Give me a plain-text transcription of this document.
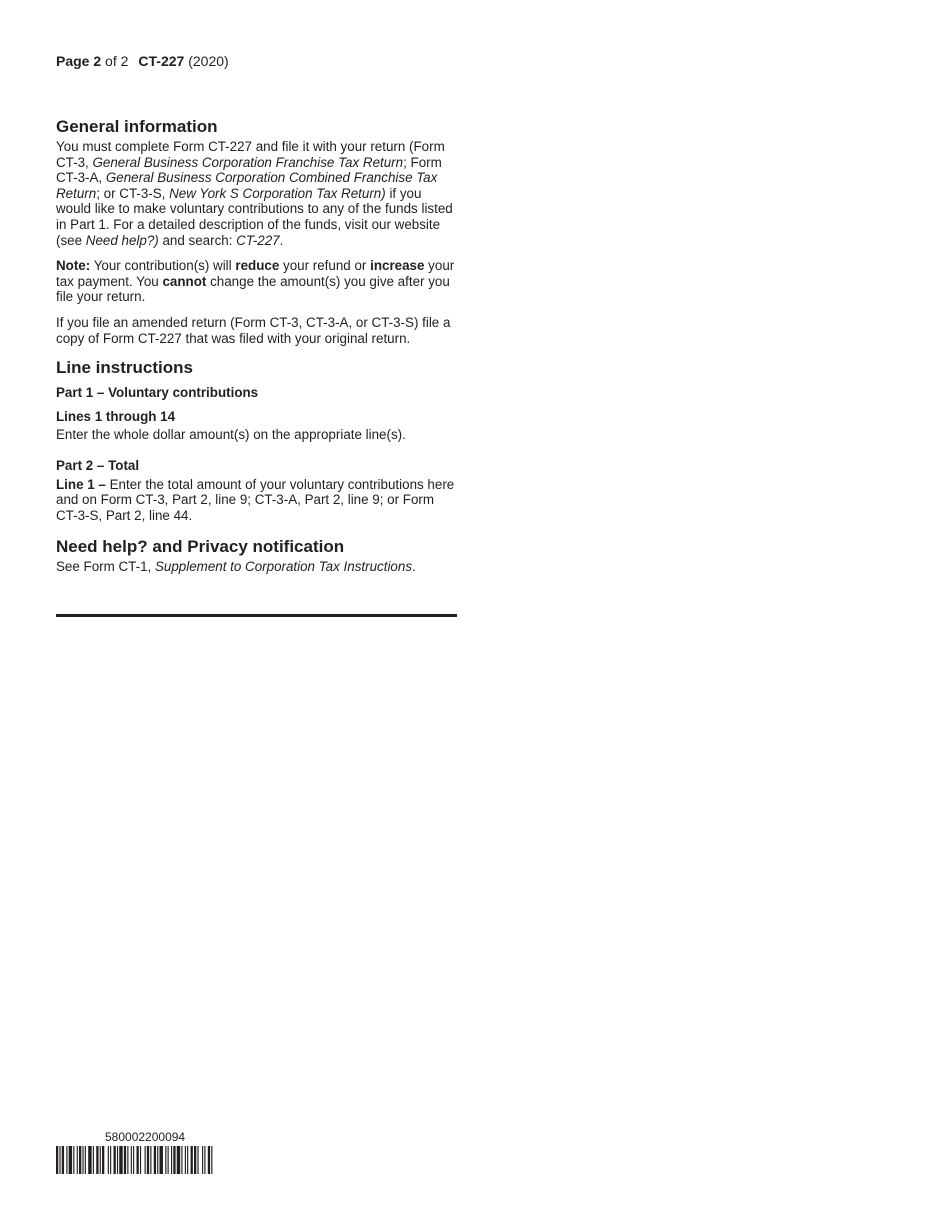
Page 2 of 2 CT-227 (2020)
General information

You must complete Form CT-227 and file it with your return (Form CT-3, General Business Corporation Franchise Tax Return; Form CT-3-A, General Business Corporation Combined Franchise Tax Return; or CT-3-S, New York S Corporation Tax Return) if you would like to make voluntary contributions to any of the funds listed in Part 1. For a detailed description of the funds, visit our website (see Need help?) and search: CT-227.

Note: Your contribution(s) will reduce your refund or increase your tax payment. You cannot change the amount(s) you give after you file your return.

If you file an amended return (Form CT-3, CT-3-A, or CT-3-S) file a copy of Form CT-227 that was filed with your original return.

Line instructions
Part 1 – Voluntary contributions
Lines 1 through 14

Enter the whole dollar amount(s) on the appropriate line(s).

Part 2 – Total

Line 1 – Enter the total amount of your voluntary contributions here and on Form CT-3, Part 2, line 9; CT-3-A, Part 2, line 9; or Form CT-3-S, Part 2, line 44.

Need help? and Privacy notification

See Form CT-1, Supplement to Corporation Tax Instructions.

580002200094
